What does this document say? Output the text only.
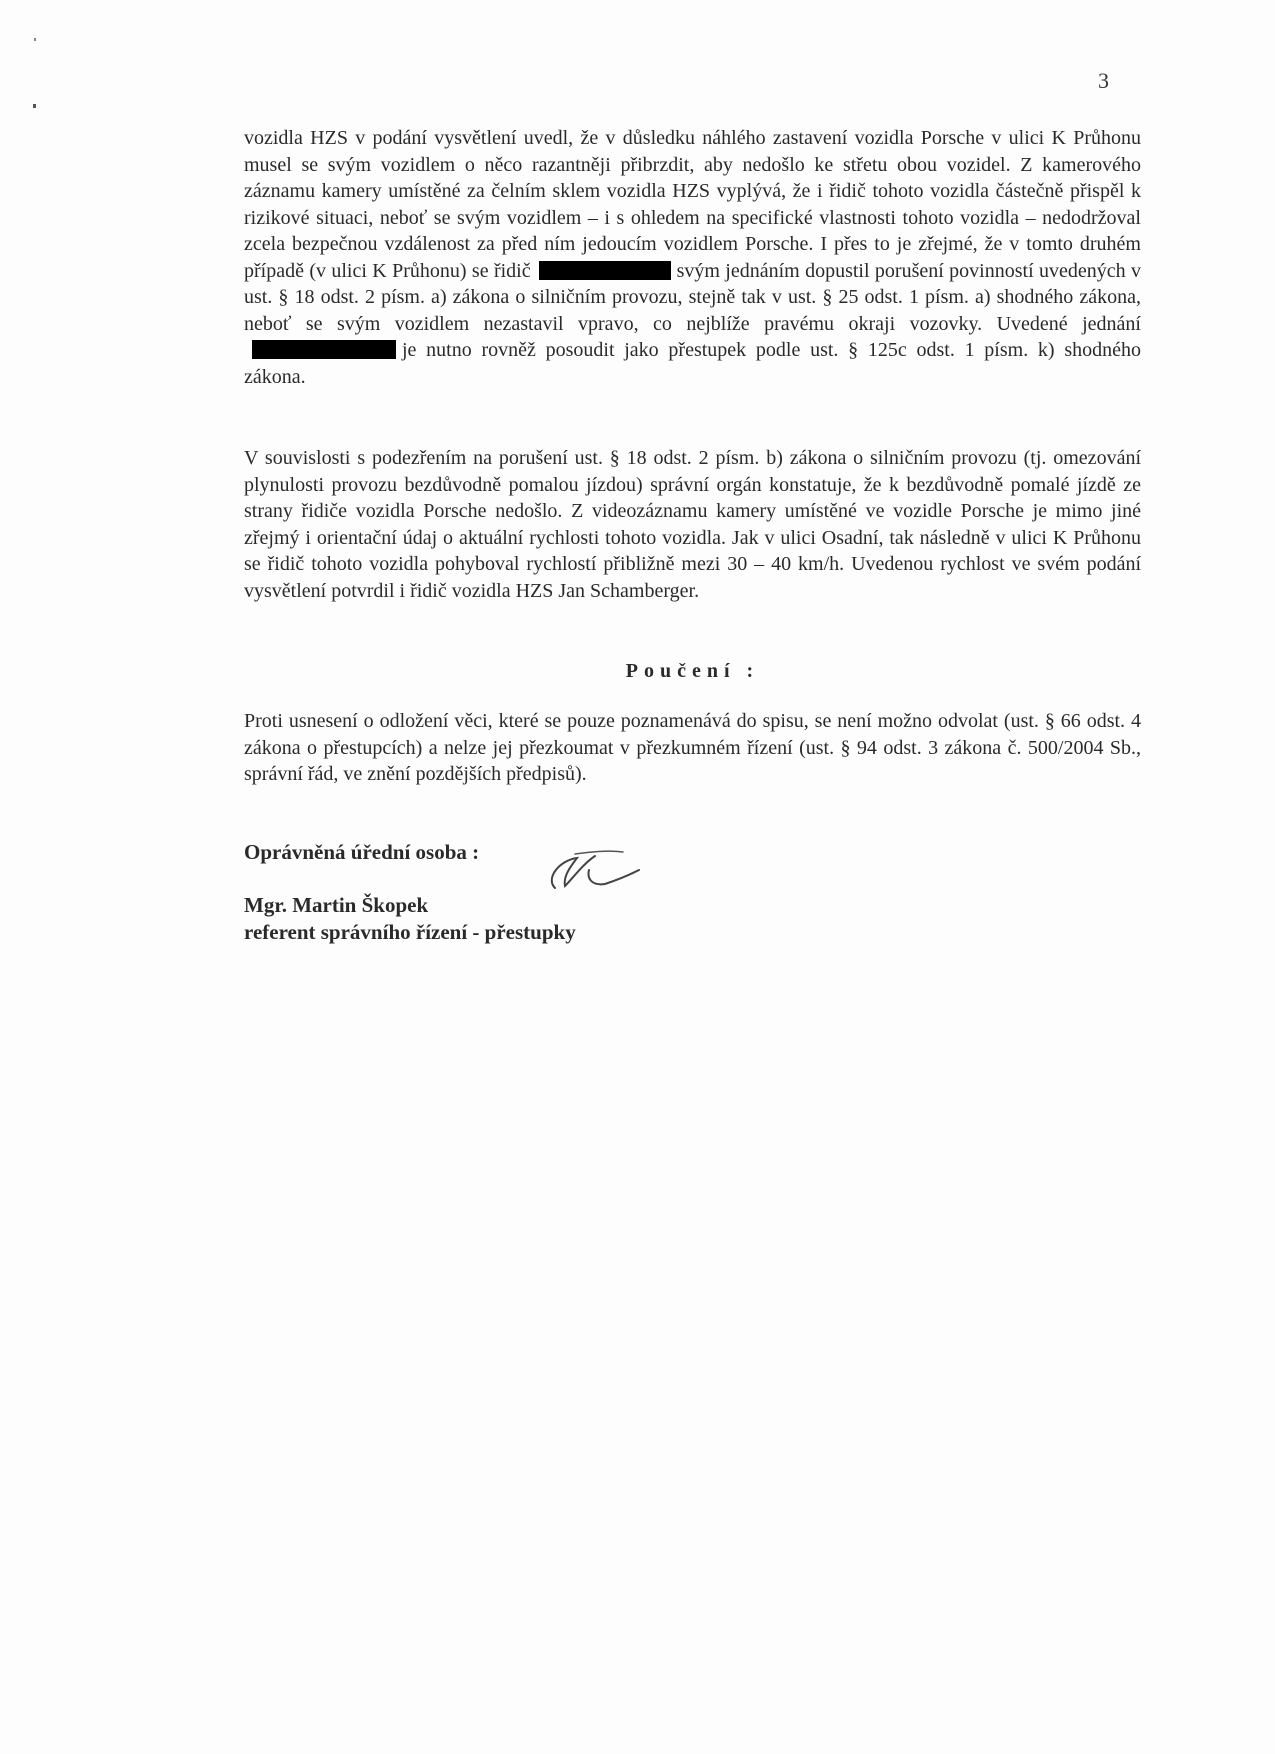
3
vozidla HZS v podání vysvětlení uvedl, že v důsledku náhlého zastavení vozidla Porsche v ulici K Průhonu musel se svým vozidlem o něco razantněji přibrzdit, aby nedošlo ke střetu obou vozidel. Z kamerového záznamu kamery umístěné za čelním sklem vozidla HZS vyplývá, že i řidič tohoto vozidla částečně přispěl k rizikové situaci, neboť se svým vozidlem – i s ohledem na specifické vlastnosti tohoto vozidla – nedodržoval zcela bezpečnou vzdálenost za před ním jedoucím vozidlem Porsche. I přes to je zřejmé, že v tomto druhém případě (v ulici K Průhonu) se řidič	svým jednáním dopustil porušení povinností uvedených v ust. § 18 odst. 2 písm. a) zákona o silničním provozu, stejně tak v ust. § 25 odst. 1 písm. a) shodného zákona, neboť se svým vozidlem nezastavil vpravo, co nejblíže pravému okraji vozovky. Uvedené jednáníje nutno rovněž posoudit jako přestupek podle ust. § 125c odst. 1 písm. k) shodného zákona.
V souvislosti s podezřením na porušení ust. § 18 odst. 2 písm. b) zákona o silničním provozu (tj. omezování plynulosti provozu bezdůvodně pomalou jízdou) správní orgán konstatuje, že k bezdůvodně pomalé jízdě ze strany řidiče vozidla Porsche nedošlo. Z videozáznamu kamery umístěné ve vozidle Porsche je mimo jiné zřejmý i orientační údaj o aktuální rychlosti tohoto vozidla. Jak v ulici Osadní, tak následně v ulici K Průhonu se řidič tohoto vozidla pohyboval rychlostí přibližně mezi 30 – 40 km/h. Uvedenou rychlost ve svém podání vysvětlení potvrdil i řidič vozidla HZS Jan Schamberger.
Poučení :
Proti usnesení o odložení věci, které se pouze poznamenává do spisu, se není možno odvolat (ust. § 66 odst. 4 zákona o přestupcích) a nelze jej přezkoumat v přezkumném řízení (ust. § 94 odst. 3 zákona č. 500/2004 Sb., správní řád, ve znění pozdějších předpisů).
Oprávněná úřední osoba :
Mgr. Martin Škopek
referent správního řízení - přestupky
